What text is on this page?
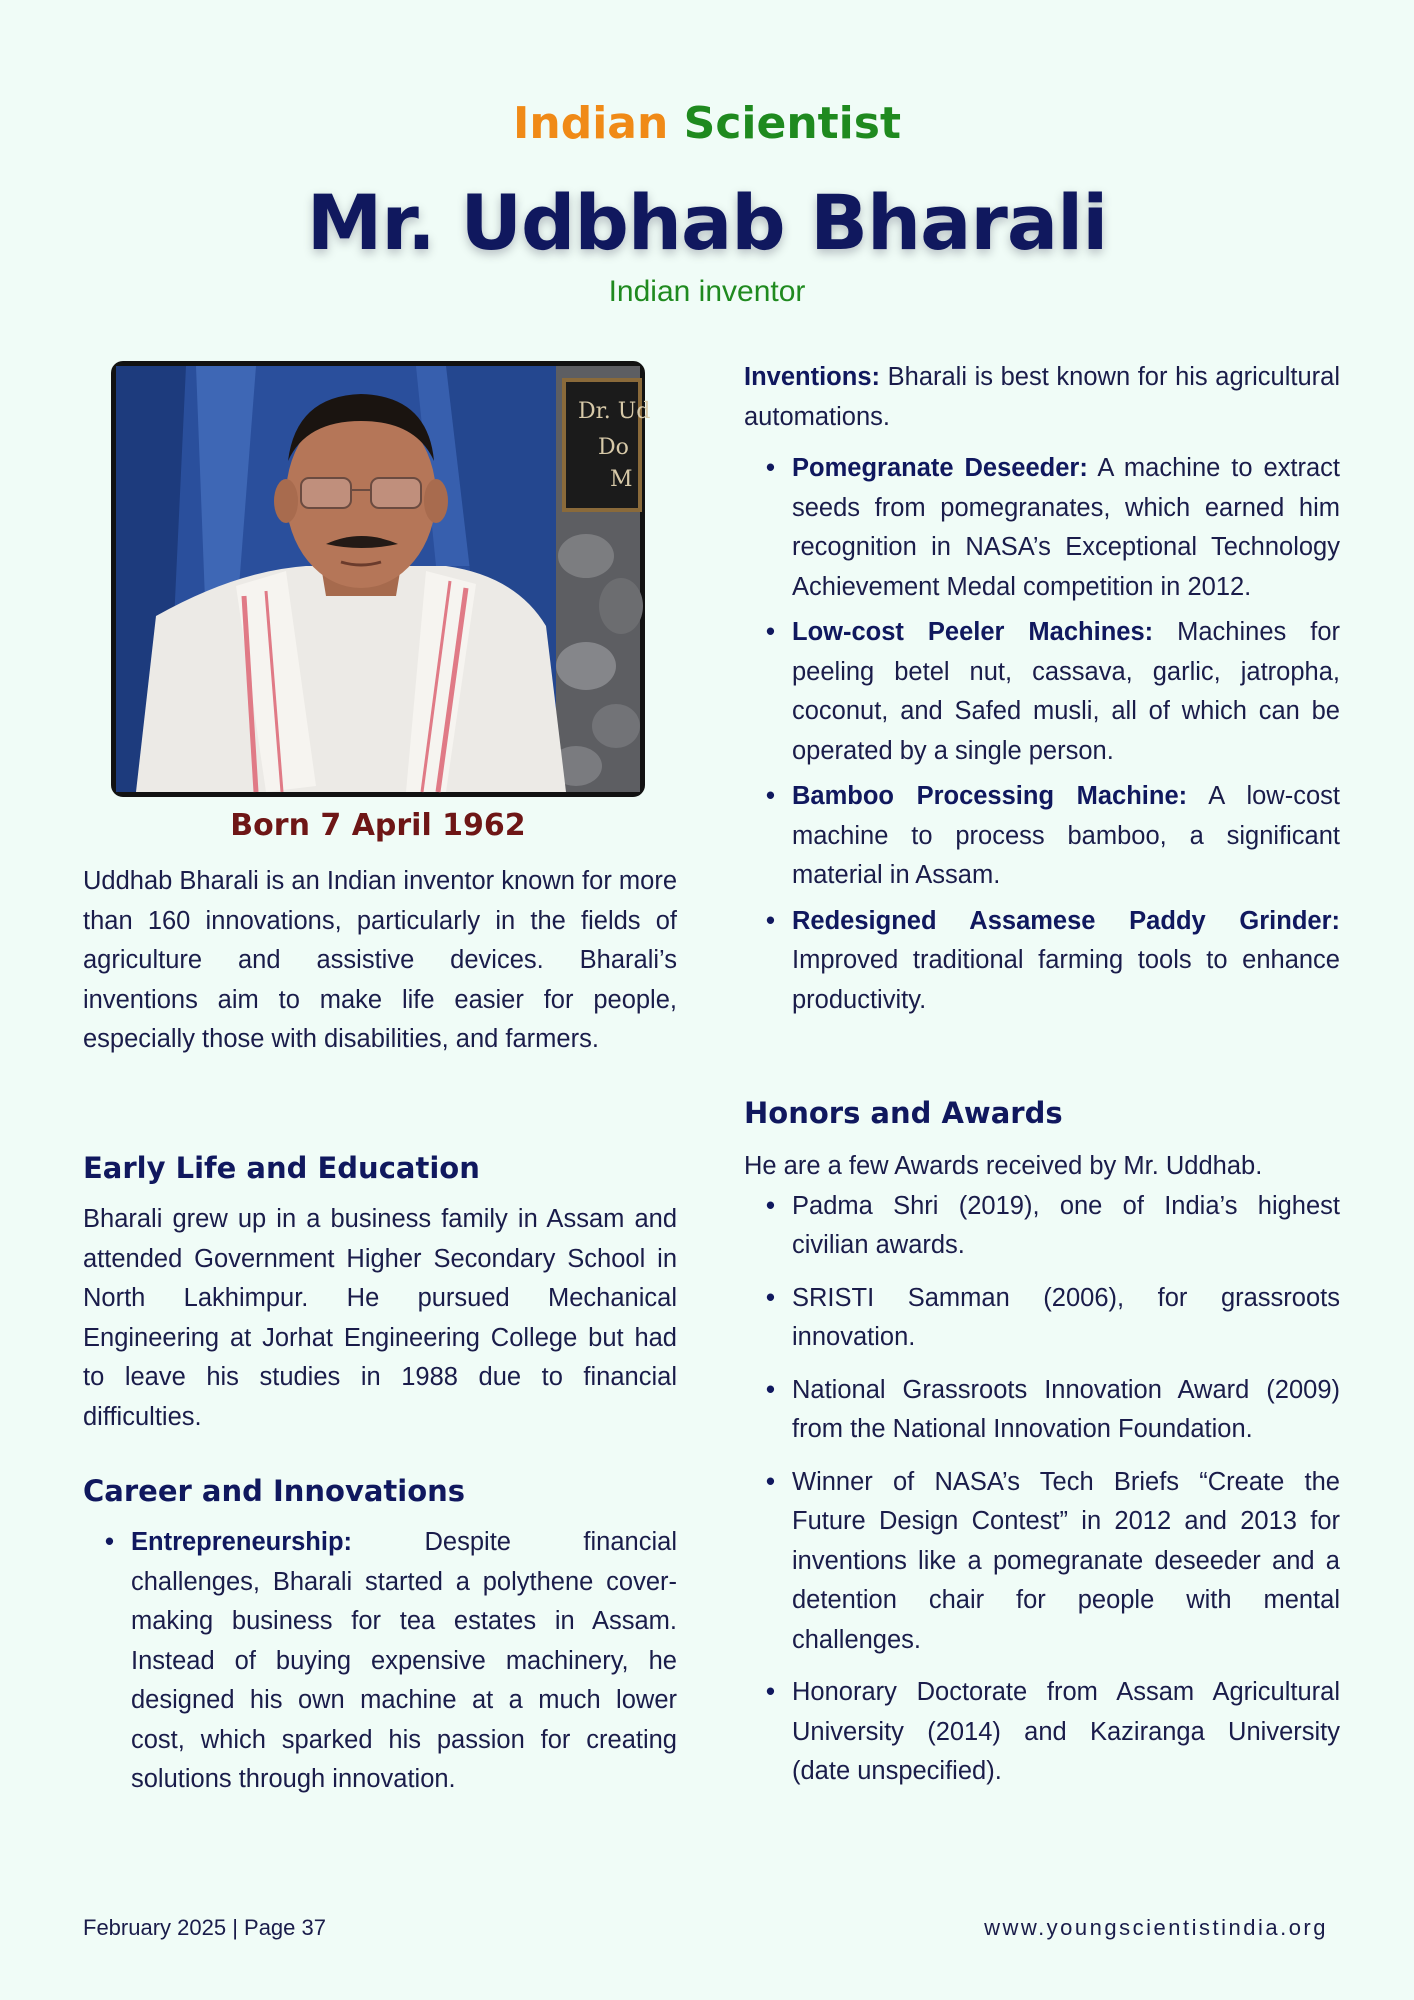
Indian Scientist
Mr. Udbhab Bharali
Indian inventor
Dr. Ud
Do
M
Born 7 April 1962

Uddhab Bharali is an Indian inventor known for more than 160 innovations, particularly in the fields of agriculture and assistive devices. Bharali’s inventions aim to make life easier for people, especially those with disabilities, and farmers.

Early Life and Education

Bharali grew up in a business family in Assam and attended Government Higher Secondary School in North Lakhimpur. He pursued Mechanical Engineering at Jorhat Engineering College but had to leave his studies in 1988 due to financial difficulties.

Career and Innovations
• Entrepreneurship:	Despite financial challenges, Bharali started a polythene cover-making business for tea estates in Assam. Instead of buying expensive machinery, he designed his own machine at a much lower cost, which sparked his passion for creating solutions through innovation.

Inventions: Bharali is best known for his agricultural automations.

• Pomegranate Deseeder: A machine to extract seeds from pomegranates, which earned him recognition in NASA’s Exceptional Technology Achievement Medal competition in 2012.
• Low-cost Peeler Machines: Machines for peeling betel nut, cassava, garlic, jatropha, coconut, and Safed musli, all of which can be operated by a single person.
• Bamboo Processing Machine: A low-cost machine to process bamboo, a significant material in Assam.
• Redesigned Assamese Paddy Grinder: Improved traditional farming tools to enhance productivity.
Honors and Awards

He are a few Awards received by Mr. Uddhab.

• Padma Shri (2019), one of India’s highest civilian awards.
• SRISTI Samman (2006), for grassroots innovation.
• National Grassroots Innovation Award (2009) from the National Innovation Foundation.
• Winner of NASA’s Tech Briefs “Create the Future Design Contest” in 2012 and 2013 for inventions like a pomegranate deseeder and a detention chair for people with mental challenges.
• Honorary Doctorate from Assam Agricultural University (2014) and Kaziranga University (date unspecified).
February 2025 | Page 37	www.youngscientistindia.org
